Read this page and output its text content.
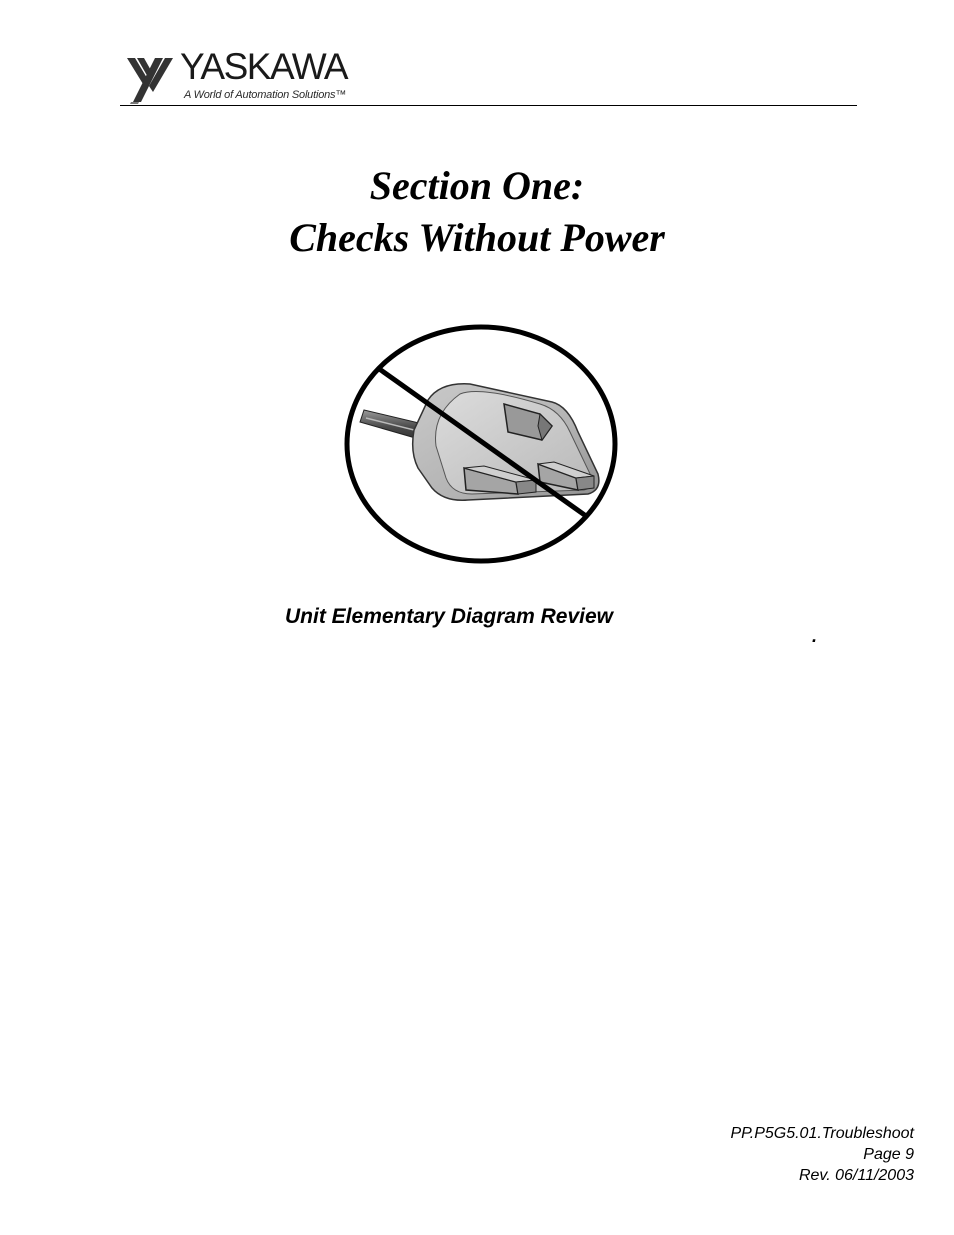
YASKAWA
A World of Automation Solutions™
Section One:
Checks Without Power
Unit Elementary Diagram Review
.
PP.P5G5.01.Troubleshoot
Page 9
Rev. 06/11/2003
